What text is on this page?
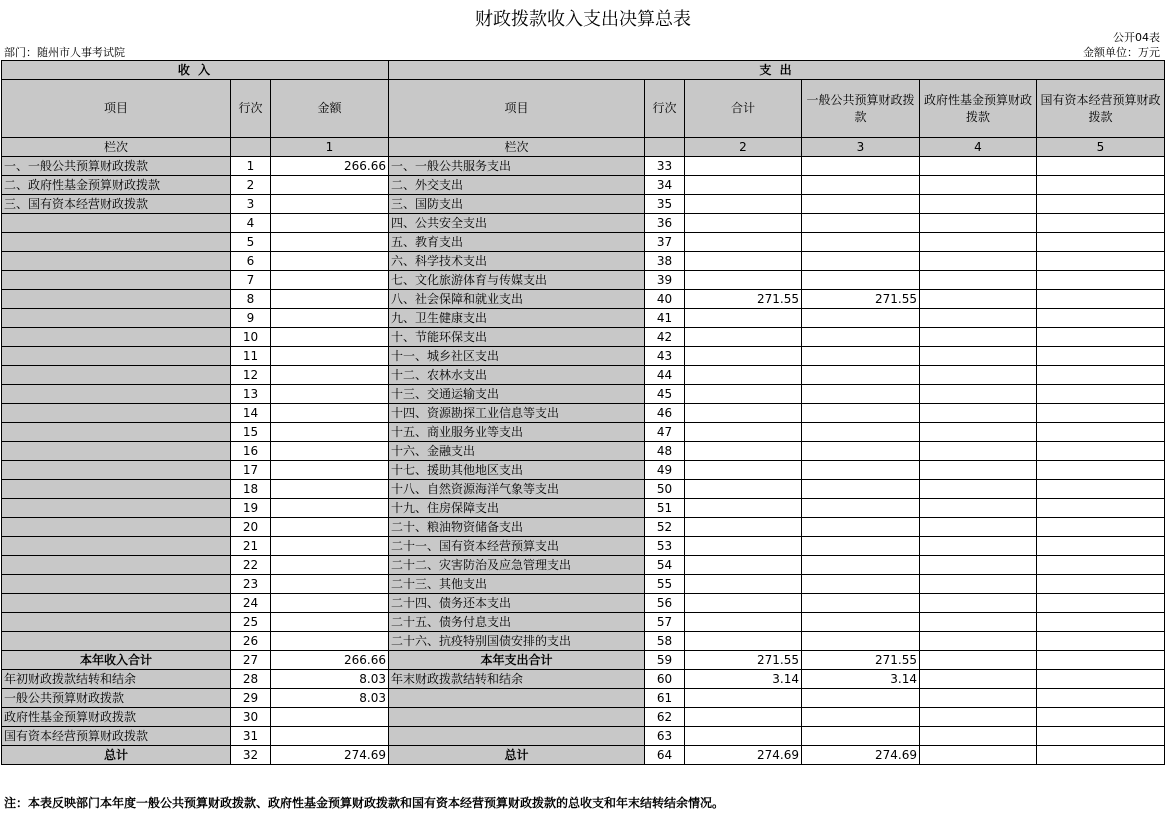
财政拨款收入支出决算总表
公开04表
部门：随州市人事考试院	金额单位：万元
收 入			支 出					
项目	行次	金额	项目	行次	合计	一般公共预算财政拨款	政府性基金预算财政拨款	国有资本经营预算财政拨款
栏次		1	栏次		2	3	4	5
一、一般公共预算财政拨款	1	266.66	一、一般公共服务支出	33				
二、政府性基金预算财政拨款	2		二、外交支出	34				
三、国有资本经营财政拨款	3		三、国防支出	35				
	4		四、公共安全支出	36				
	5		五、教育支出	37				
	6		六、科学技术支出	38				
	7		七、文化旅游体育与传媒支出	39				
	8		八、社会保障和就业支出	40	271.55	271.55		
	9		九、卫生健康支出	41				
	10		十、节能环保支出	42				
	11		十一、城乡社区支出	43				
	12		十二、农林水支出	44				
	13		十三、交通运输支出	45				
	14		十四、资源勘探工业信息等支出	46				
	15		十五、商业服务业等支出	47				
	16		十六、金融支出	48				
	17		十七、援助其他地区支出	49				
	18		十八、自然资源海洋气象等支出	50				
	19		十九、住房保障支出	51				
	20		二十、粮油物资储备支出	52				
	21		二十一、国有资本经营预算支出	53				
	22		二十二、灾害防治及应急管理支出	54				
	23		二十三、其他支出	55				
	24		二十四、债务还本支出	56				
	25		二十五、债务付息支出	57				
	26		二十六、抗疫特别国债安排的支出	58				
本年收入合计	27	266.66	本年支出合计	59	271.55	271.55		
年初财政拨款结转和结余	28	8.03	年末财政拨款结转和结余	60	3.14	3.14		
一般公共预算财政拨款	29	8.03		61				
政府性基金预算财政拨款	30			62				
国有资本经营预算财政拨款	31			63				
总计	32	274.69	总计	64	274.69	274.69		
注：本表反映部门本年度一般公共预算财政拨款、政府性基金预算财政拨款和国有资本经营预算财政拨款的总收支和年末结转结余情况。
